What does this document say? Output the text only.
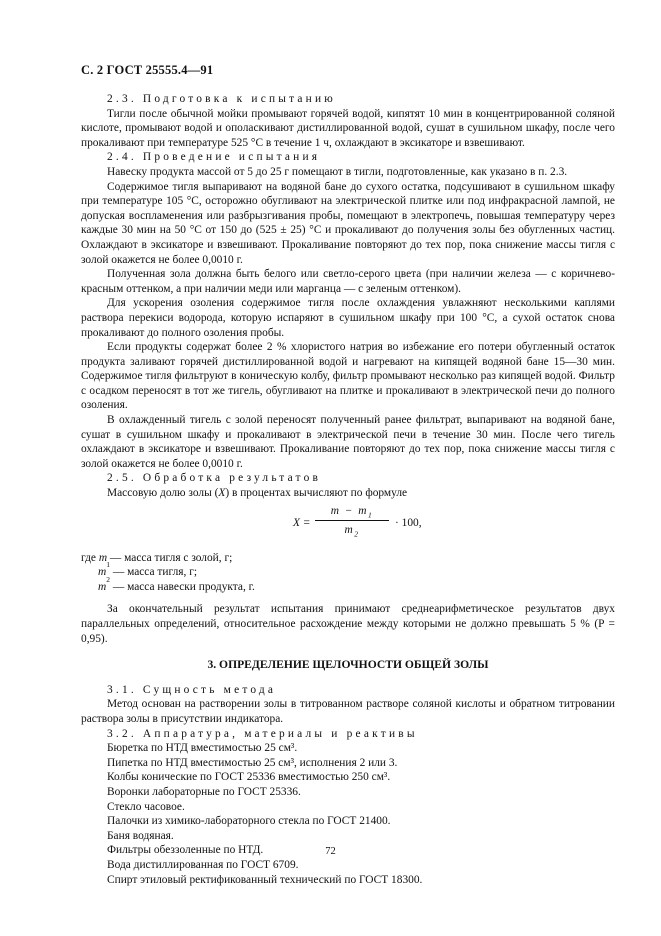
С. 2 ГОСТ 25555.4—91

2.3. Подготовка к испытанию

Тигли после обычной мойки промывают горячей водой, кипятят 10 мин в концентрированной соляной кислоте, промывают водой и ополаскивают дистиллированной водой, сушат в сушильном шкафу, после чего прокаливают при температуре 525 °С в течение 1 ч, охлаждают в эксикаторе и взвешивают.

2.4. Проведение испытания

Навеску продукта массой от 5 до 25 г помещают в тигли, подготовленные, как указано в п. 2.3.

Содержимое тигля выпаривают на водяной бане до сухого остатка, подсушивают в сушильном шкафу при температуре 105 °С, осторожно обугливают на электрической плитке или под инфракрасной лампой, не допуская воспламенения или разбрызгивания пробы, помещают в электропечь, повышая температуру через каждые 30 мин на 50 °С от 150 до (525 ± 25) °С и прокаливают до получения золы без обугленных частиц. Охлаждают в эксикаторе и взвешивают. Прокаливание повторяют до тех пор, пока снижение массы тигля с золой окажется не более 0,0010 г.

Полученная зола должна быть белого или светло-серого цвета (при наличии железа — с коричнево-красным оттенком, а при наличии меди или марганца — с зеленым оттенком).

Для ускорения озоления содержимое тигля после охлаждения увлажняют несколькими каплями раствора перекиси водорода, которую испаряют в сушильном шкафу при 100 °С, а сухой остаток снова прокаливают до полного озоления пробы.

Если продукты содержат более 2 % хлористого натрия во избежание его потери обугленный остаток продукта заливают горячей дистиллированной водой и нагревают на кипящей водяной бане 15—30 мин. Содержимое тигля фильтруют в коническую колбу, фильтр промывают несколько раз кипящей водой. Фильтр с осадком переносят в тот же тигель, обугливают на плитке и прокаливают в электрической печи до полного озоления.

В охлажденный тигель с золой переносят полученный ранее фильтрат, выпаривают на водяной бане, сушат в сушильном шкафу и прокаливают в электрической печи в течение 30 мин. После чего тигель охлаждают в эксикаторе и взвешивают. Прокаливание повторяют до тех пор, пока снижение массы тигля с золой окажется не более 0,0010 г.

2.5. Обработка результатов

Массовую долю золы (X) в процентах вычисляют по формуле

X =
$m - m_1$
$m_2$
· 100,
где m — масса тигля с золой, г;
m
1
— масса тигля, г;
m
2
— масса навески продукта, г.

За окончательный результат испытания принимают среднеарифметическое результатов двух параллельных определений, относительное расхождение между которыми не должно превышать 5 % (P = 0,95).

3. ОПРЕДЕЛЕНИЕ ЩЕЛОЧНОСТИ ОБЩЕЙ ЗОЛЫ

3.1. Сущность метода

Метод основан на растворении золы в титрованном растворе соляной кислоты и обратном титровании раствора золы в присутствии индикатора.

3.2. Аппаратура, материалы и реактивы

Бюретка по НТД вместимостью 25 см³.

Пипетка по НТД вместимостью 25 см³, исполнения 2 или 3.

Колбы конические по ГОСТ 25336 вместимостью 250 см³.

Воронки лабораторные по ГОСТ 25336.

Стекло часовое.

Палочки из химико-лабораторного стекла по ГОСТ 21400.

Баня водяная.

Фильтры обеззоленные по НТД.

Вода дистиллированная по ГОСТ 6709.

Спирт этиловый ректификованный технический по ГОСТ 18300.

72
